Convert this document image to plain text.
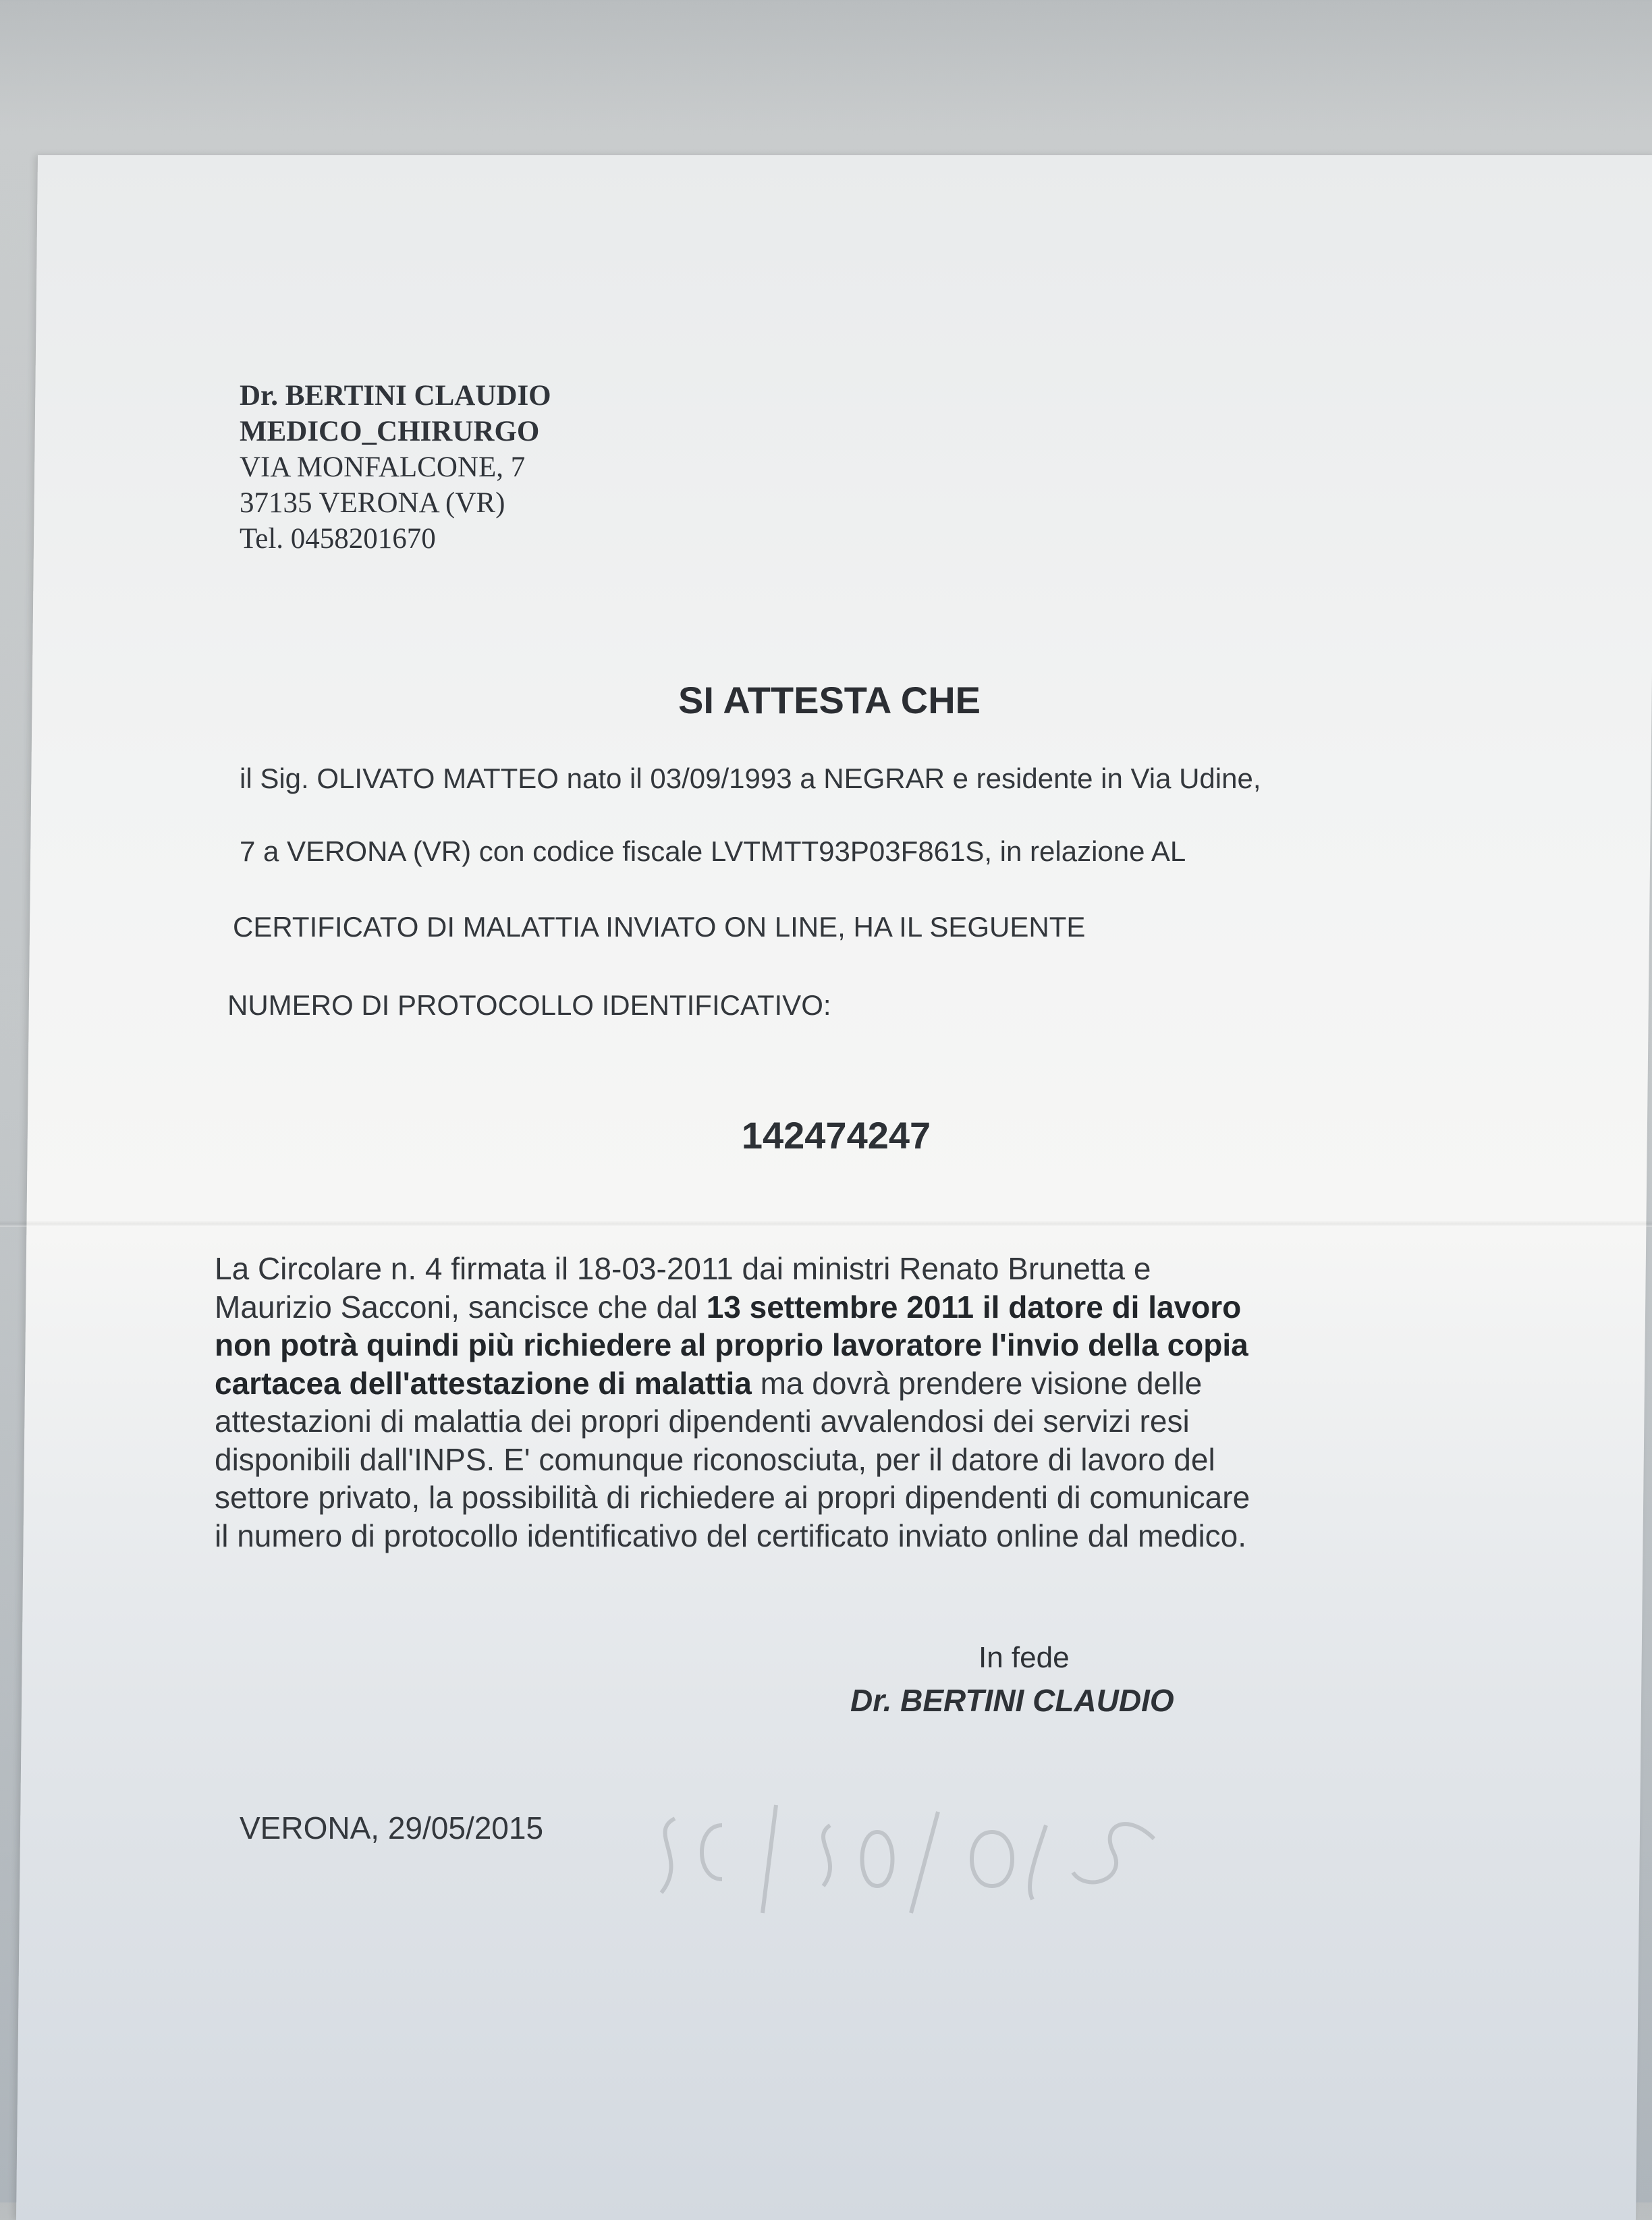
Dr. BERTINI CLAUDIO
MEDICO_CHIRURGO
VIA MONFALCONE, 7
37135 VERONA (VR)
Tel. 0458201670
SI ATTESTA CHE
il Sig. OLIVATO MATTEO nato il 03/09/1993 a NEGRAR e residente in Via Udine,
7 a VERONA (VR) con codice fiscale LVTMTT93P03F861S, in relazione AL
CERTIFICATO DI MALATTIA INVIATO ON LINE, HA IL SEGUENTE
NUMERO DI PROTOCOLLO IDENTIFICATIVO:
142474247
La Circolare n. 4 firmata il 18-03-2011 dai ministri Renato Brunetta e
Maurizio Sacconi, sancisce che dal 13 settembre 2011 il datore di lavoro
non potrà quindi più richiedere al proprio lavoratore l'invio della copia
cartacea dell'attestazione di malattia ma dovrà prendere visione delle
attestazioni di malattia dei propri dipendenti avvalendosi dei servizi resi
disponibili dall'INPS. E' comunque riconosciuta, per il datore di lavoro del
settore privato, la possibilità di richiedere ai propri dipendenti di comunicare
il numero di protocollo identificativo del certificato inviato online dal medico.
In fede
Dr. BERTINI CLAUDIO
VERONA, 29/05/2015
